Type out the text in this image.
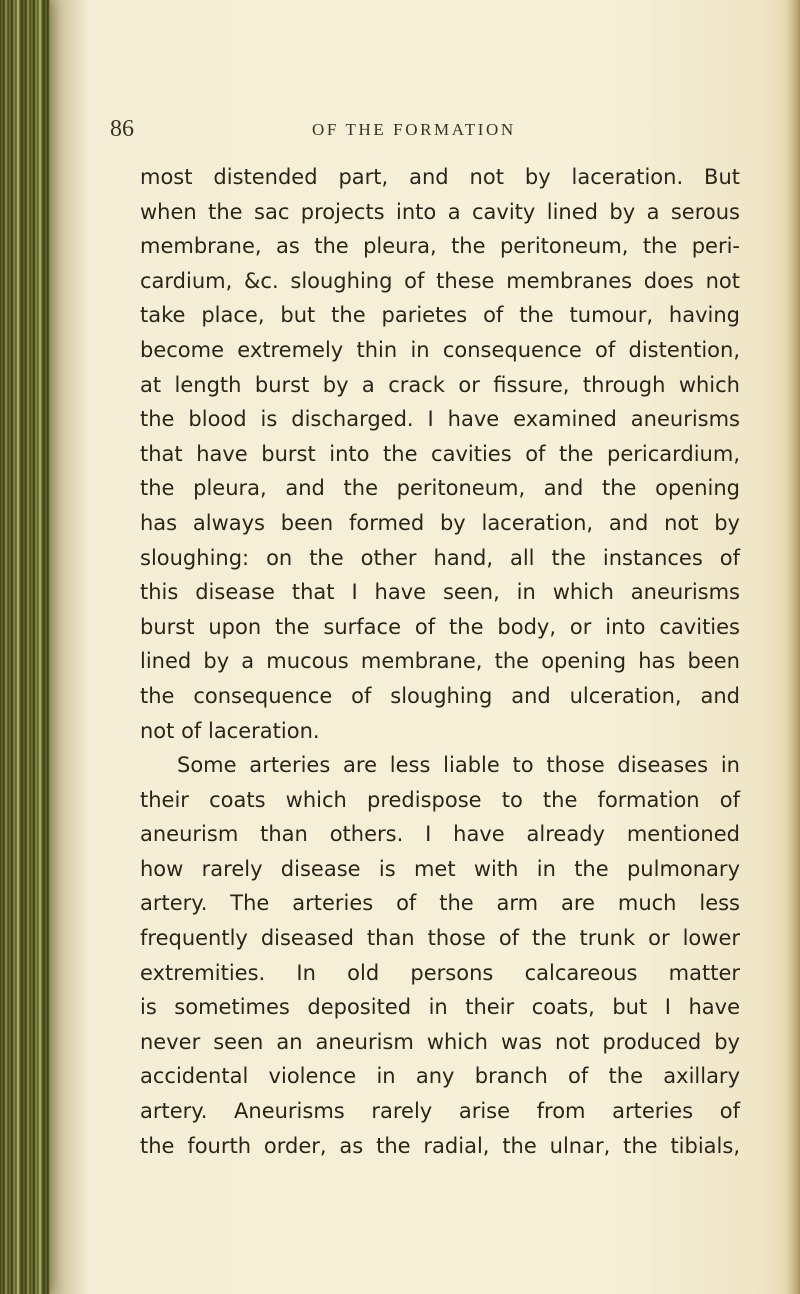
86	OF THE FORMATION
most distended part, and not by laceration. But
when the sac projects into a cavity lined by a serous
membrane, as the pleura, the peritoneum, the peri-
cardium, &c. sloughing of these membranes does not
take place, but the parietes of the tumour, having
become extremely thin in consequence of distention,
at length burst by a crack or fissure, through which
the blood is discharged. I have examined aneurisms
that have burst into the cavities of the pericardium,
the pleura, and the peritoneum, and the opening
has always been formed by laceration, and not by
sloughing: on the other hand, all the instances of
this disease that I have seen, in which aneurisms
burst upon the surface of the body, or into cavities
lined by a mucous membrane, the opening has been
the consequence of sloughing and ulceration, and
not of laceration.
Some arteries are less liable to those diseases in
their coats which predispose to the formation of
aneurism than others. I have already mentioned
how rarely disease is met with in the pulmonary
artery. The arteries of the arm are much less
frequently diseased than those of the trunk or lower
extremities. In old persons calcareous matter
is sometimes deposited in their coats, but I have
never seen an aneurism which was not produced by
accidental violence in any branch of the axillary
artery. Aneurisms rarely arise from arteries of
the fourth order, as the radial, the ulnar, the tibials,
